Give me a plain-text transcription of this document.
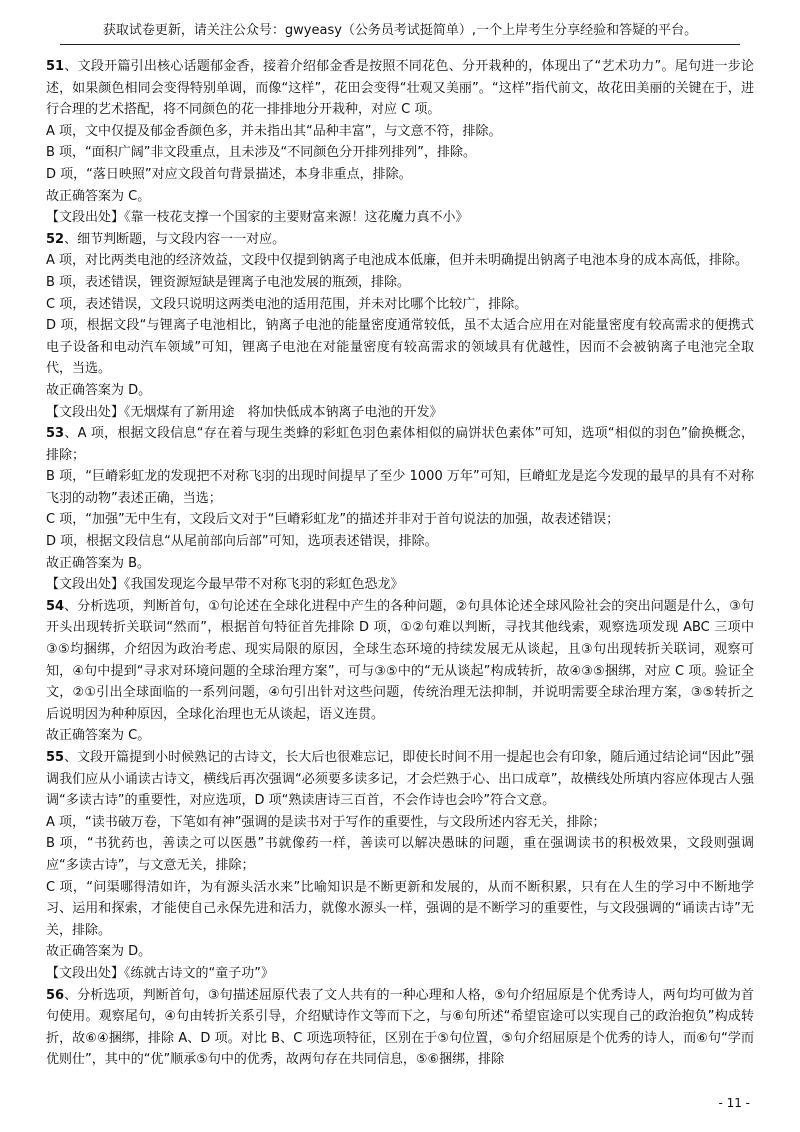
获取试卷更新，请关注公众号：gwyeasy（公务员考试挺简单）,一个上岸考生分享经验和答疑的平台。

51、文段开篇引出核心话题郁金香，接着介绍郁金香是按照不同花色、分开栽种的，体现出了“艺术功力”。尾句进一步论述，如果颜色相同会变得特别单调，而像“这样”，花田会变得“壮观又美丽”。“这样”指代前文，故花田美丽的关键在于，进行合理的艺术搭配，将不同颜色的花一排排地分开栽种，对应 C 项。

A 项，文中仅提及郁金香颜色多，并未指出其“品种丰富”，与文意不符，排除。

B 项，“面积广阔”非文段重点，且未涉及“不同颜色分开排列排列”，排除。

D 项，“落日映照”对应文段首句背景描述，本身非重点，排除。

故正确答案为 C。

【文段出处】《靠一枝花支撑一个国家的主要财富来源！这花魔力真不小》

52、细节判断题，与文段内容一一对应。

A 项，对比两类电池的经济效益，文段中仅提到钠离子电池成本低廉，但并未明确提出钠离子电池本身的成本高低，排除。

B 项，表述错误，锂资源短缺是锂离子电池发展的瓶颈，排除。

C 项，表述错误，文段只说明这两类电池的适用范围，并未对比哪个比较广，排除。

D 项，根据文段“与锂离子电池相比，钠离子电池的能量密度通常较低，虽不太适合应用在对能量密度有较高需求的便携式电子设备和电动汽车领域”可知，锂离子电池在对能量密度有较高需求的领域具有优越性，因而不会被钠离子电池完全取代，当选。

故正确答案为 D。

【文段出处】《无烟煤有了新用途　将加快低成本钠离子电池的开发》

53、A 项，根据文段信息“存在着与现生类蜂的彩虹色羽色素体相似的扁饼状色素体”可知，选项“相似的羽色”偷换概念，排除；

B 项，“巨嵴彩虹龙的发现把不对称飞羽的出现时间提早了至少 1000 万年”可知，巨嵴虹龙是迄今发现的最早的具有不对称飞羽的动物”表述正确，当选；

C 项，“加强”无中生有，文段后文对于“巨嵴彩虹龙”的描述并非对于首句说法的加强，故表述错误；

D 项，根据文段信息“从尾前部向后部”可知，选项表述错误，排除。

故正确答案为 B。

【文段出处】《我国发现迄今最早带不对称飞羽的彩虹色恐龙》

54、分析选项，判断首句，①句论述在全球化进程中产生的各种问题，②句具体论述全球风险社会的突出问题是什么，③句开头出现转折关联词“然而”，根据首句特征首先排除 D 项，①②句难以判断，寻找其他线索，观察选项发现 ABC 三项中③⑤均捆绑，介绍因为政治考虑、现实局限的原因，全球生态环境的持续发展无从谈起，且③句出现转折关联词，观察可知，④句中提到“寻求对环境问题的全球治理方案”，可与③⑤中的“无从谈起”构成转折，故④③⑤捆绑，对应 C 项。验证全文，②①引出全球面临的一系列问题，④句引出针对这些问题，传统治理无法抑制，并说明需要全球治理方案，③⑤转折之后说明因为种种原因，全球化治理也无从谈起，语义连贯。

故正确答案为 C。

55、文段开篇提到小时候熟记的古诗文，长大后也很难忘记，即使长时间不用一提起也会有印象，随后通过结论词“因此”强调我们应从小诵读古诗文，横线后再次强调“必须要多读多记，才会烂熟于心、出口成章”，故横线处所填内容应体现古人强调“多读古诗”的重要性，对应选项，D 项“熟读唐诗三百首，不会作诗也会吟”符合文意。

A 项，“读书破万卷，下笔如有神”强调的是读书对于写作的重要性，与文段所述内容无关，排除；

B 项，“书犹药也，善读之可以医愚”书就像药一样，善读可以解决愚昧的问题，重在强调读书的积极效果，文段则强调应“多读古诗”，与文意无关，排除；

C 项，“问渠哪得清如许，为有源头活水来”比喻知识是不断更新和发展的，从而不断积累，只有在人生的学习中不断地学习、运用和探索，才能使自己永保先进和活力，就像水源头一样，强调的是不断学习的重要性，与文段强调的“诵读古诗”无关，排除。

故正确答案为 D。

【文段出处】《练就古诗文的“童子功”》

56、分析选项，判断首句，③句描述屈原代表了文人共有的一种心理和人格，⑤句介绍屈原是个优秀诗人，两句均可做为首句使用。观察尾句，④句由转折关系引导，介绍赋诗作文等而下之，与⑥句所述“希望宦途可以实现自己的政治抱负”构成转折，故⑥④捆绑，排除 A、D 项。对比 B、C 项选项特征，区别在于⑤句位置，⑤句介绍屈原是个优秀的诗人，而⑥句“学而优则仕”，其中的“优”顺承⑤句中的优秀，故两句存在共同信息，⑤⑥捆绑，排除

- 11 -
